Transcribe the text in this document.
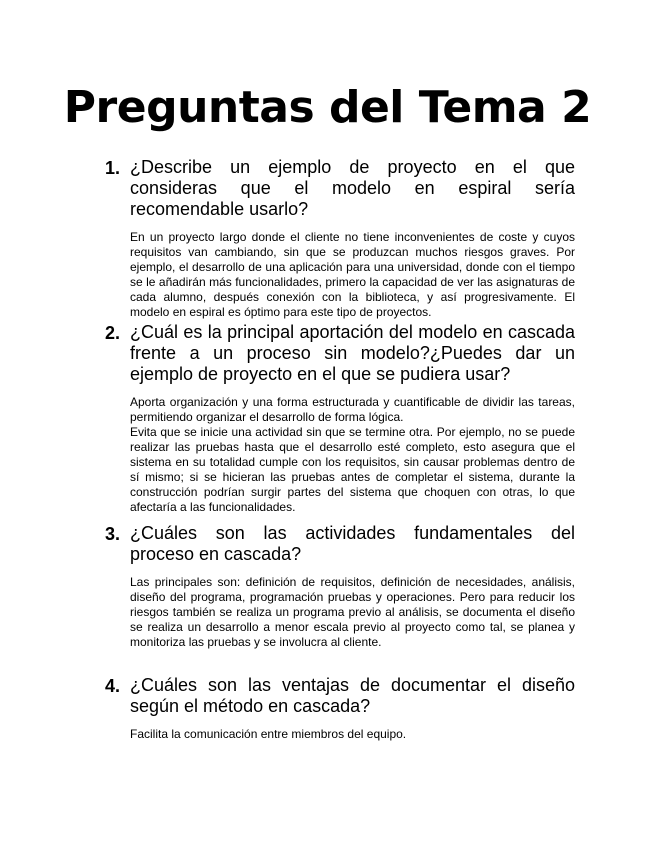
Preguntas del Tema 2
1. ¿Describe un ejemplo de proyecto en el que consideras que el modelo en espiral sería recomendable usarlo?

En un proyecto largo donde el cliente no tiene inconvenientes de coste y cuyos requisitos van cambiando, sin que se produzcan muchos riesgos graves. Por ejemplo, el desarrollo de una aplicación para una universidad, donde con el tiempo se le añadirán más funcionalidades, primero la capacidad de ver las asignaturas de cada alumno, después conexión con la biblioteca, y así progresivamente. El modelo en espiral es óptimo para este tipo de proyectos.

2. ¿Cuál es la principal aportación del modelo en cascada frente a un proceso sin modelo?¿Puedes dar un ejemplo de proyecto en el que se pudiera usar?

Aporta organización y una forma estructurada y cuantificable de dividir las tareas, permitiendo organizar el desarrollo de forma lógica.
Evita que se inicie una actividad sin que se termine otra. Por ejemplo, no se puede realizar las pruebas hasta que el desarrollo esté completo, esto asegura que el sistema en su totalidad cumple con los requisitos, sin causar problemas dentro de sí mismo; si se hicieran las pruebas antes de completar el sistema, durante la construcción podrían surgir partes del sistema que choquen con otras, lo que afectaría a las funcionalidades.

3. ¿Cuáles son las actividades fundamentales del proceso en cascada?

Las principales son: definición de requisitos, definición de necesidades, análisis, diseño del programa, programación pruebas y operaciones. Pero para reducir los riesgos también se realiza un programa previo al análisis, se documenta el diseño se realiza un desarrollo a menor escala previo al proyecto como tal, se planea y monitoriza las pruebas y se involucra al cliente.

4. ¿Cuáles son las ventajas de documentar el diseño según el método en cascada?

Facilita la comunicación entre miembros del equipo.
